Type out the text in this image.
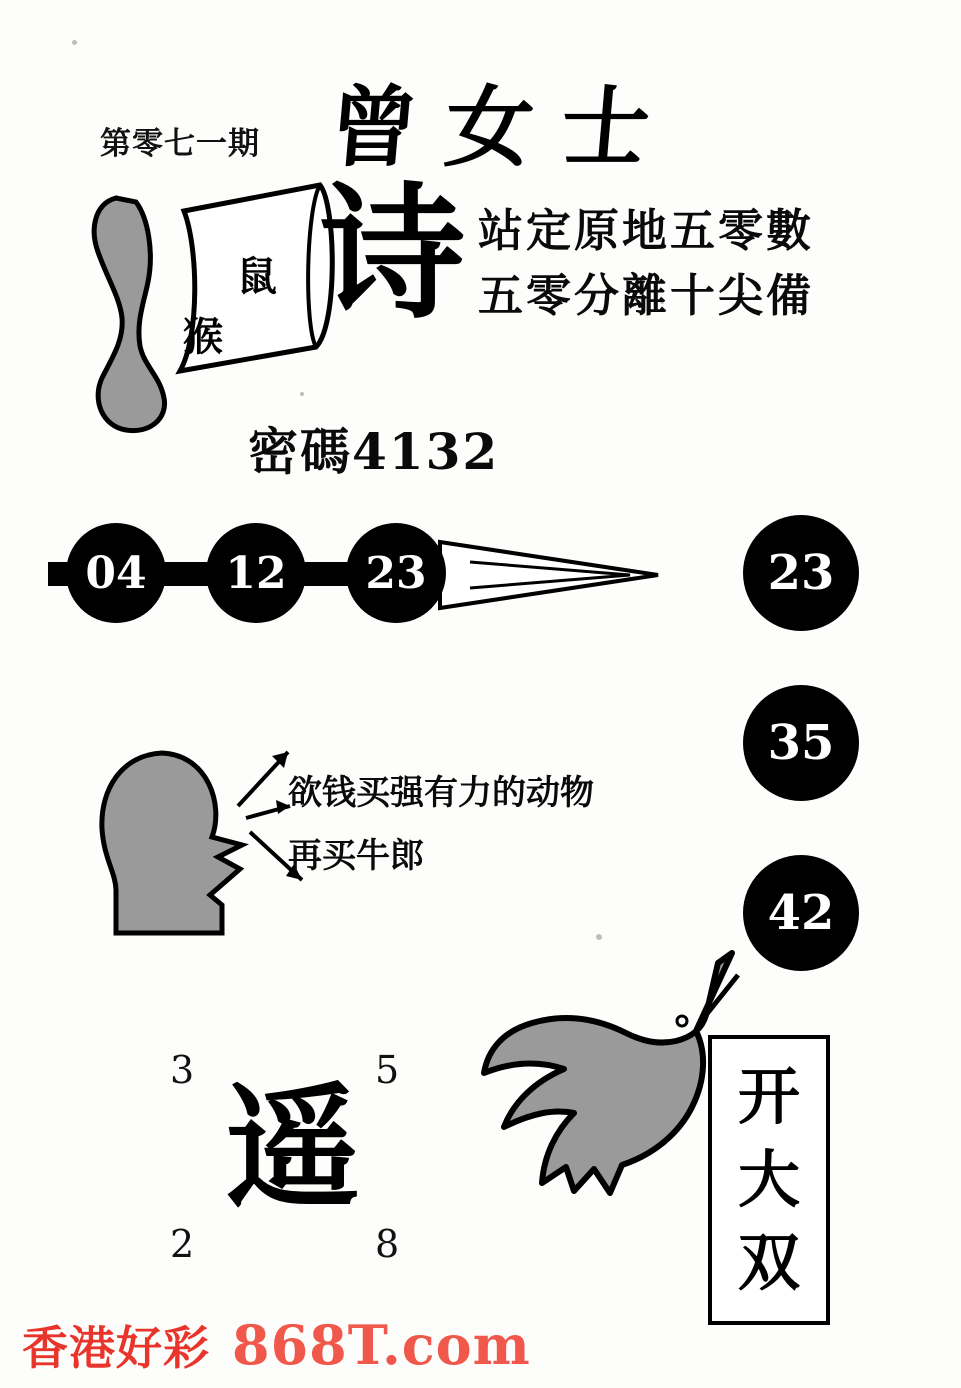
第零七一期 曾女士
鼠
猴 诗 站定原地五零數
五零分離十尖備
密碼4132
04	12	23	23
35
42
欲钱买强有力的动物
再买牛郎
3	5
2	8
遥	开
大
双
香港好彩 868T.com
